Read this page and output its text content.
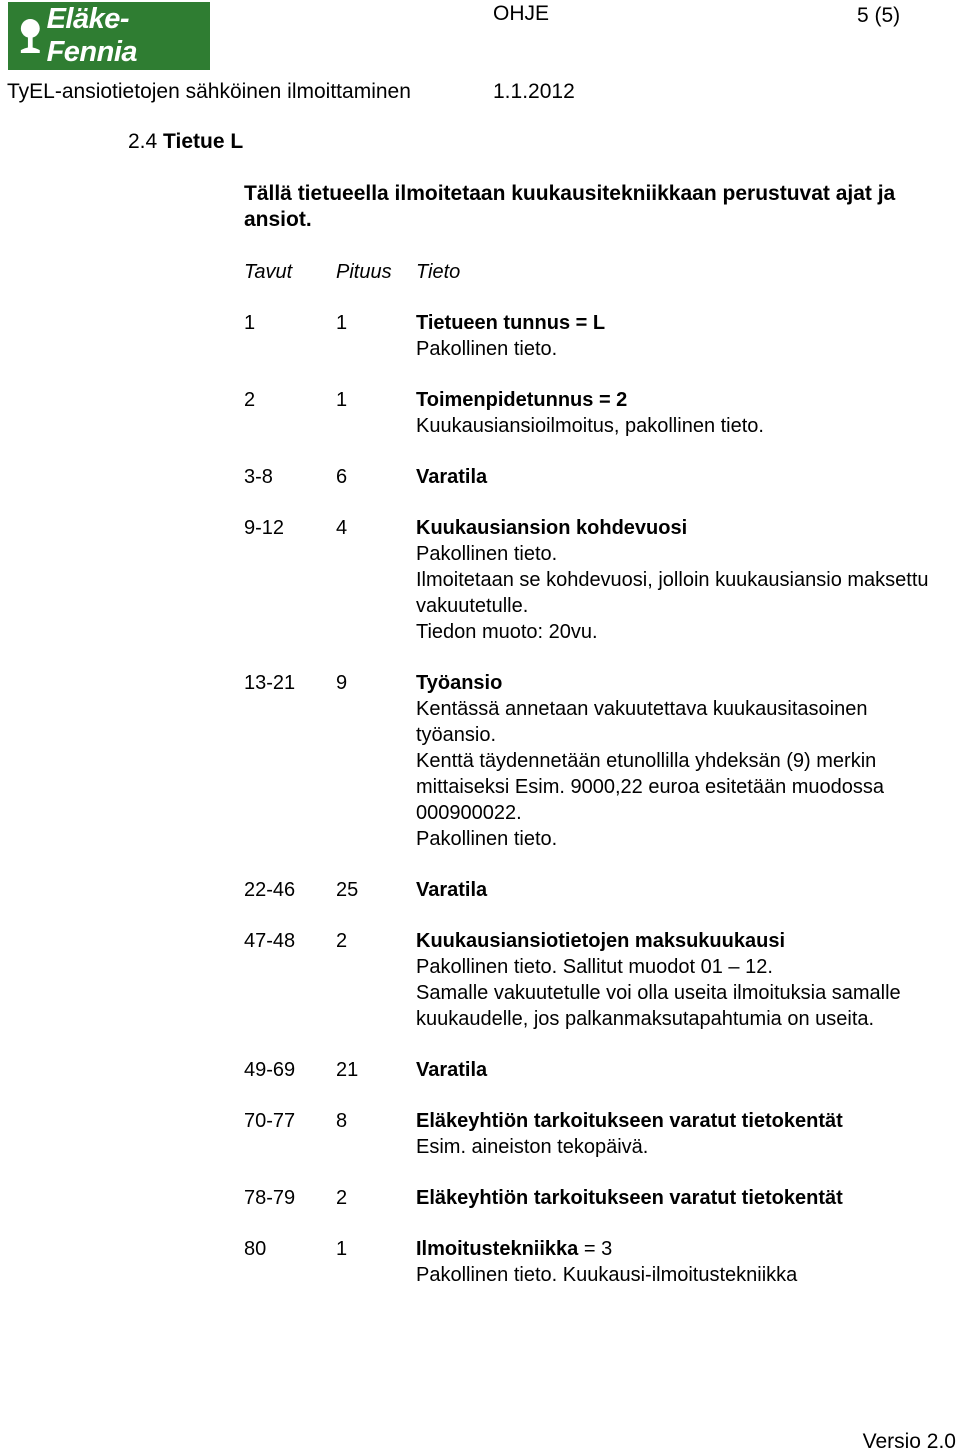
Eläke-Fennia
OHJE	5 (5)
TyEL-ansiotietojen sähköinen ilmoittaminen	1.1.2012
2.4 Tietue L
Tällä tietueella ilmoitetaan kuukausitekniikkaan perustuvat ajat ja ansiot.
Tavut	Pituus	Tieto
1	1	Tietueen tunnus = L
Pakollinen tieto.
2	1	Toimenpidetunnus = 2
Kuukausiansioilmoitus, pakollinen tieto.
3-8	6	Varatila
9-12	4	Kuukausiansion kohdevuosi
Pakollinen tieto.
Ilmoitetaan se kohdevuosi, jolloin kuukausiansio maksettu vakuutetulle.
Tiedon muoto: 20vu.
13-21	9	Työansio
Kentässä annetaan vakuutettava kuukausitasoinen työansio.
Kenttä täydennetään etunollilla yhdeksän (9) merkin mittaiseksi Esim. 9000,22 euroa esitetään muodossa 000900022.
Pakollinen tieto.
22-46	25	Varatila
47-48	2	Kuukausiansiotietojen maksukuukausi
Pakollinen tieto. Sallitut muodot 01 – 12.
Samalle vakuutetulle voi olla useita ilmoituksia samalle kuukaudelle, jos palkanmaksutapahtumia on useita.
49-69	21	Varatila
70-77	8	Eläkeyhtiön tarkoitukseen varatut tietokentät
Esim. aineiston tekopäivä.
78-79	2	Eläkeyhtiön tarkoitukseen varatut tietokentät
80	1	Ilmoitustekniikka = 3
Pakollinen tieto. Kuukausi-ilmoitustekniikka
Versio 2.0
